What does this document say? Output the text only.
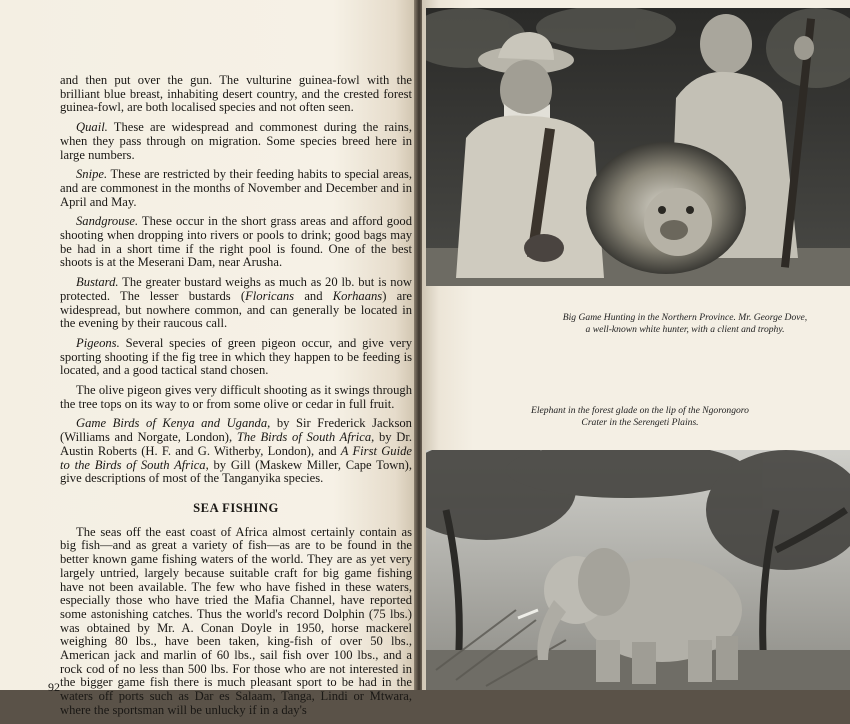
and then put over the gun. The vulturine guinea-fowl with the brilliant blue breast, inhabiting desert country, and the crested forest guinea-fowl, are both localised species and not often seen.

Quail. These are widespread and commonest during the rains, when they pass through on migration. Some species breed here in large numbers.

Snipe. These are restricted by their feeding habits to special areas, and are commonest in the months of November and December and in April and May.

Sandgrouse. These occur in the short grass areas and afford good shooting when dropping into rivers or pools to drink; good bags may be had in a short time if the right pool is found. One of the best shoots is at the Meserani Dam, near Arusha.

Bustard. The greater bustard weighs as much as 20 lb. but is now protected. The lesser bustards (Floricans and Korhaans) are widespread, but nowhere common, and can generally be located in the evening by their raucous call.

Pigeons. Several species of green pigeon occur, and give very sporting shooting if the fig tree in which they happen to be feeding is located, and a good tactical stand chosen.

The olive pigeon gives very difficult shooting as it swings through the tree tops on its way to or from some olive or cedar in full fruit.

Game Birds of Kenya and Uganda, by Sir Frederick Jackson (Williams and Norgate, London), The Birds of South Africa, by Dr. Austin Roberts (H. F. and G. Witherby, London), and A First Guide to the Birds of South Africa, by Gill (Maskew Miller, Cape Town), give descriptions of most of the Tanganyika species.

SEA FISHING

The seas off the east coast of Africa almost certainly contain as big fish—and as great a variety of fish—as are to be found in the better known game fishing waters of the world. They are as yet very largely untried, largely because suitable craft for big game fishing have not been available. The few who have fished in these waters, especially those who have tried the Mafia Channel, have reported some astonishing catches. Thus the world's record Dolphin (75 lbs.) was obtained by Mr. A. Conan Doyle in 1950, horse mackerel weighing 80 lbs., have been taken, king-fish of over 50 lbs., American jack and marlin of 60 lbs., sail fish over 100 lbs., and a rock cod of no less than 500 lbs. For those who are not interested in the bigger game fish there is much pleasant sport to be had in the waters off ports such as Dar es Salaam, Tanga, Lindi or Mtwara, where the sportsman will be unlucky if in a day's

92
Big Game Hunting in the Northern Province. Mr. George Dove, a well-known white hunter, with a client and trophy.
Elephant in the forest glade on the lip of the Ngorongoro Crater in the Serengeti Plains.
